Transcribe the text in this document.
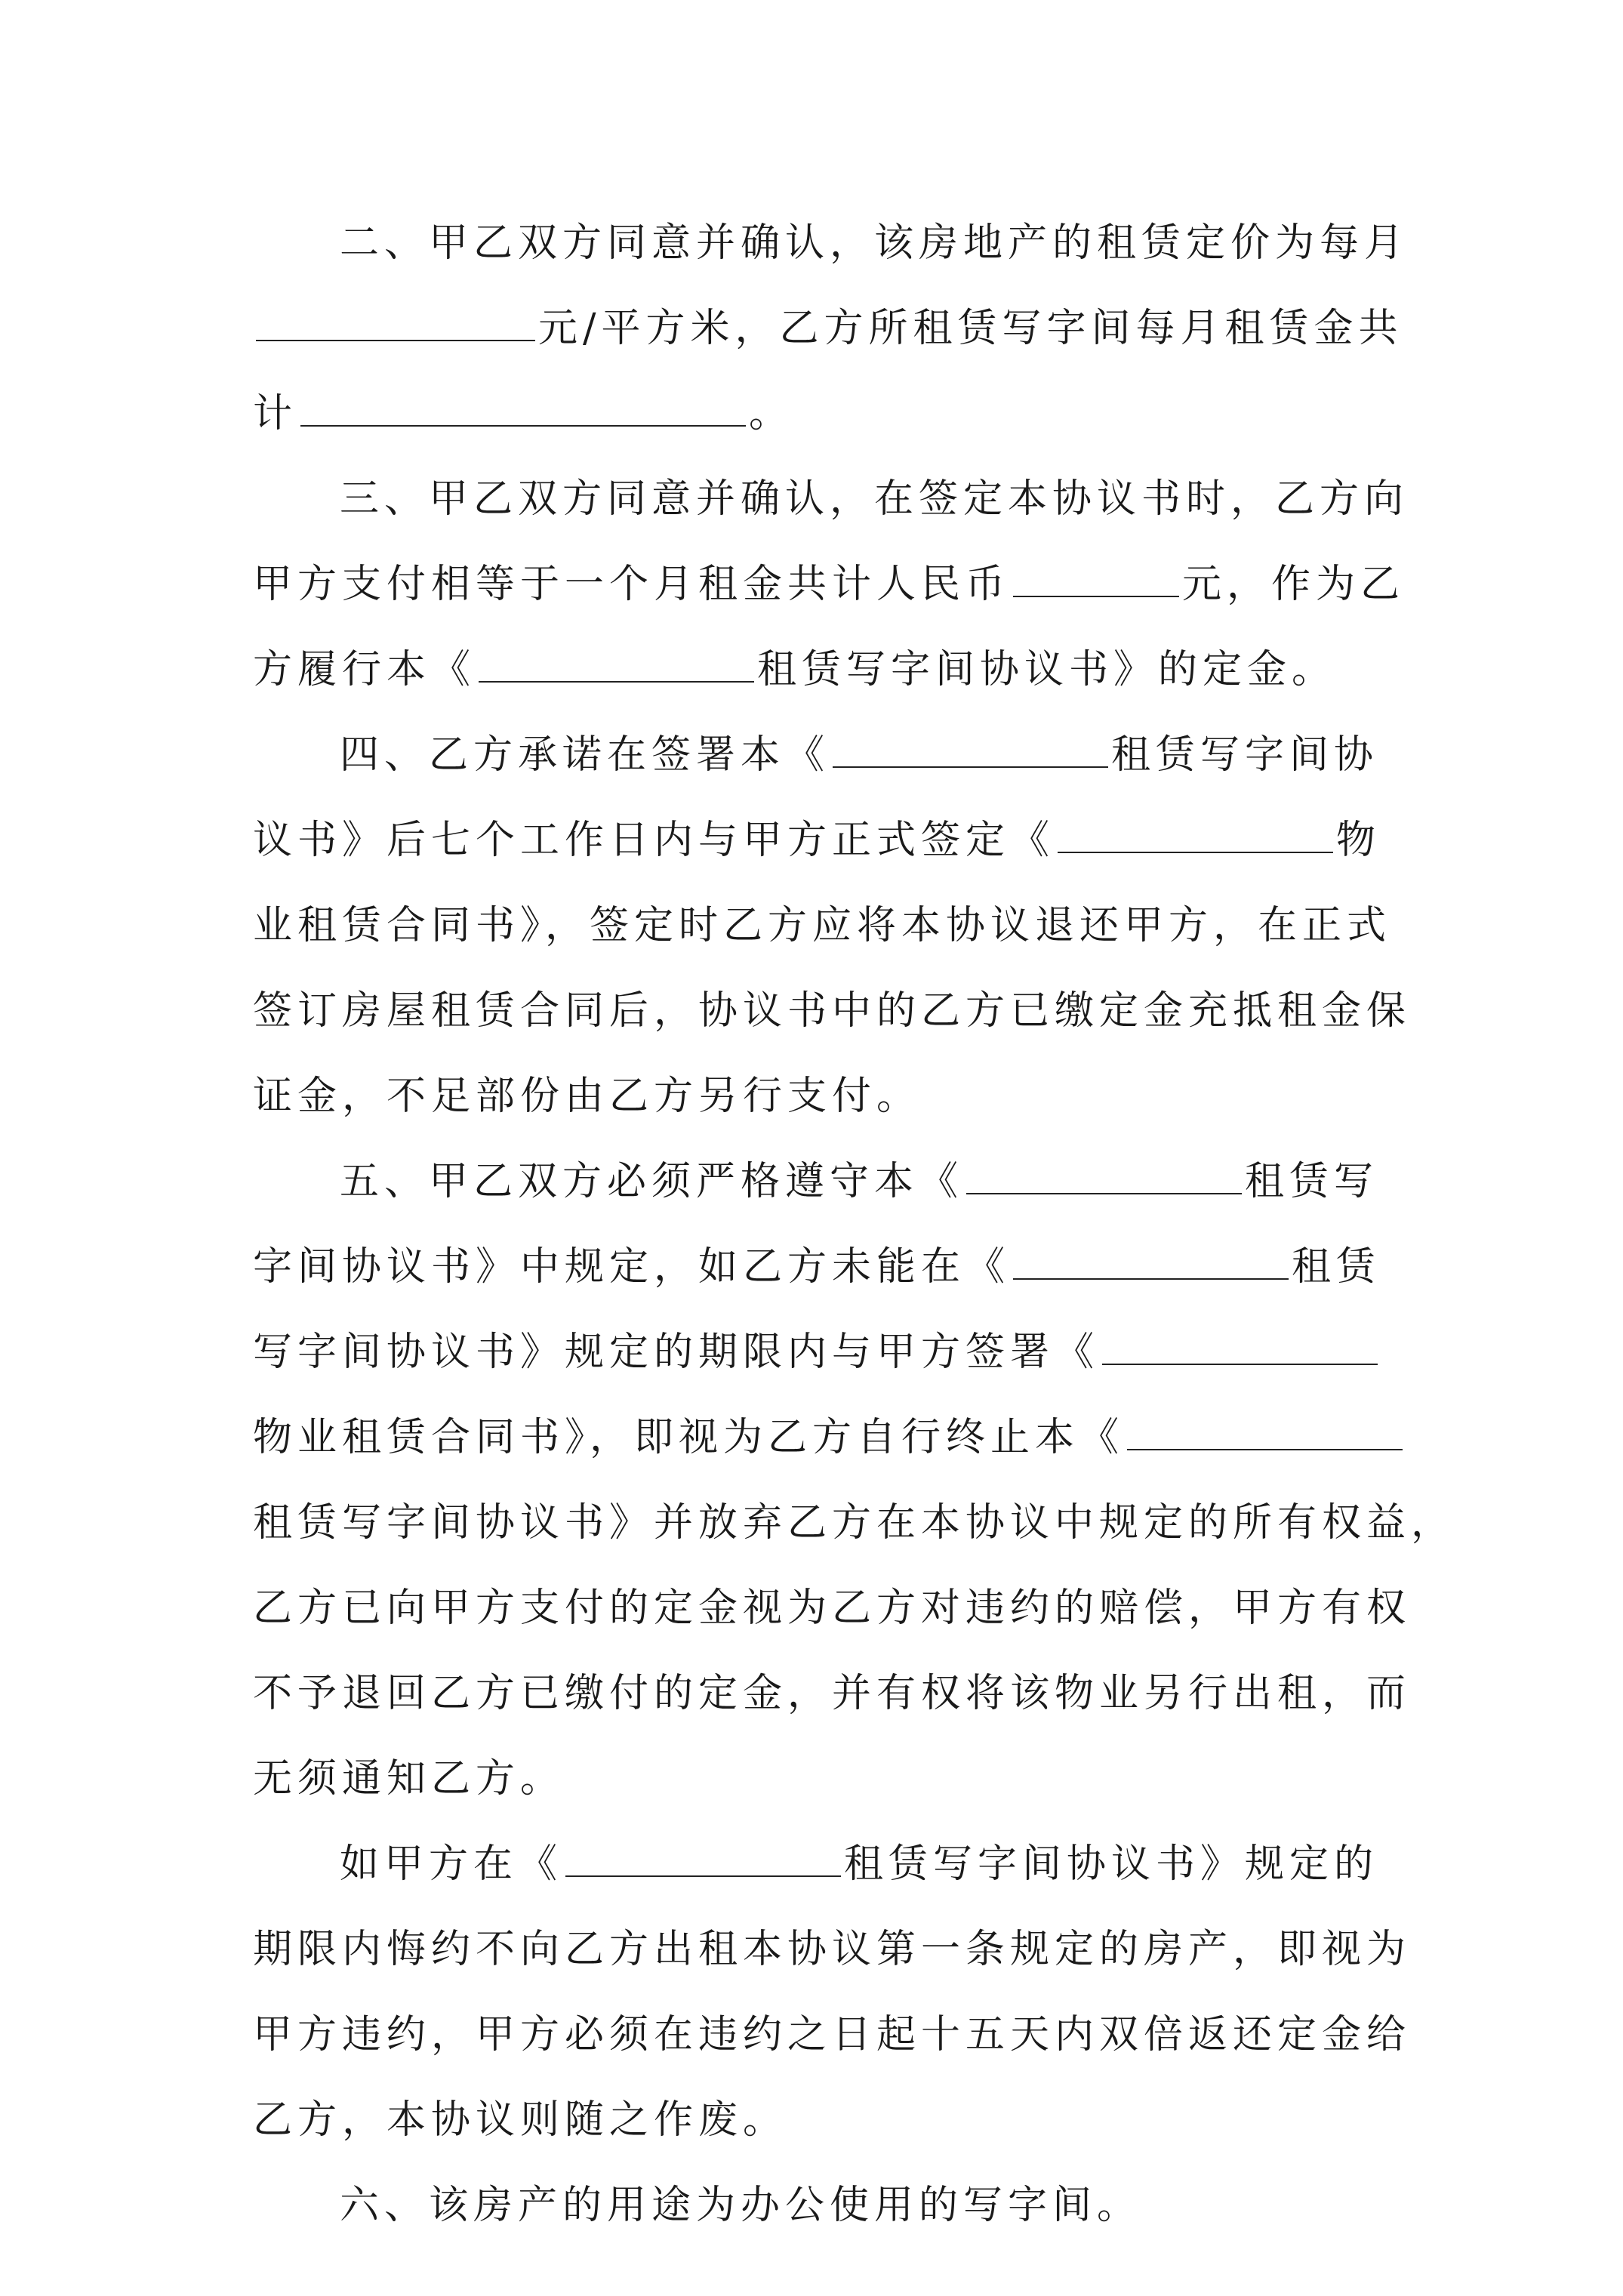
二、甲乙双方同意并确认，该房地产的租赁定价为每月
元/平方米，乙方所租赁写字间每月租赁金共
计	。
三、甲乙双方同意并确认，在签定本协议书时，乙方向
甲方支付相等于一个月租金共计人民币	元，作为乙
方履行本《	租赁写字间协议书》的定金。
四、乙方承诺在签署本《	租赁写字间协
议书》后七个工作日内与甲方正式签定《	物
业租赁合同书》，签定时乙方应将本协议退还甲方，在正式
签订房屋租赁合同后，协议书中的乙方已缴定金充抵租金保
证金，不足部份由乙方另行支付。
五、甲乙双方必须严格遵守本《	租赁写
字间协议书》中规定，如乙方未能在《	租赁
写字间协议书》规定的期限内与甲方签署《
物业租赁合同书》，即视为乙方自行终止本《
租赁写字间协议书》并放弃乙方在本协议中规定的所有权益，
乙方已向甲方支付的定金视为乙方对违约的赔偿，甲方有权
不予退回乙方已缴付的定金，并有权将该物业另行出租，而
无须通知乙方。
如甲方在《	租赁写字间协议书》规定的
期限内悔约不向乙方出租本协议第一条规定的房产，即视为
甲方违约，甲方必须在违约之日起十五天内双倍返还定金给
乙方，本协议则随之作废。
六、该房产的用途为办公使用的写字间。
